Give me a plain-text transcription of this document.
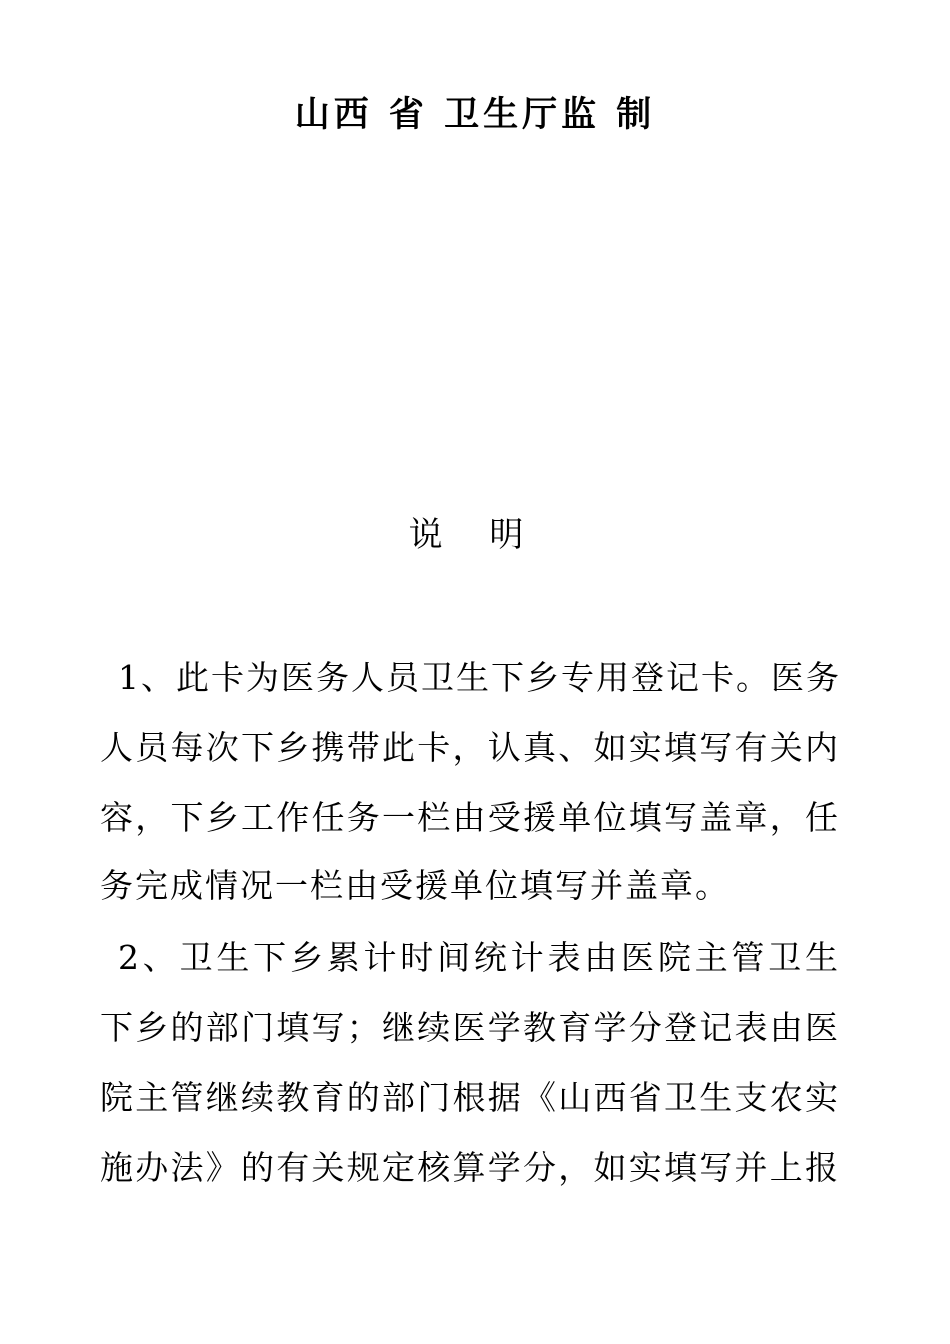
山西 省 卫生厅监 制
说 明
1、此卡为医务人员卫生下乡专用登记卡。医务
人员每次下乡携带此卡，认真、如实填写有关内
容，下乡工作任务一栏由受援单位填写盖章，任
务完成情况一栏由受援单位填写并盖章。
2、卫生下乡累计时间统计表由医院主管卫生
下乡的部门填写；继续医学教育学分登记表由医
院主管继续教育的部门根据《山西省卫生支农实
施办法》的有关规定核算学分，如实填写并上报
